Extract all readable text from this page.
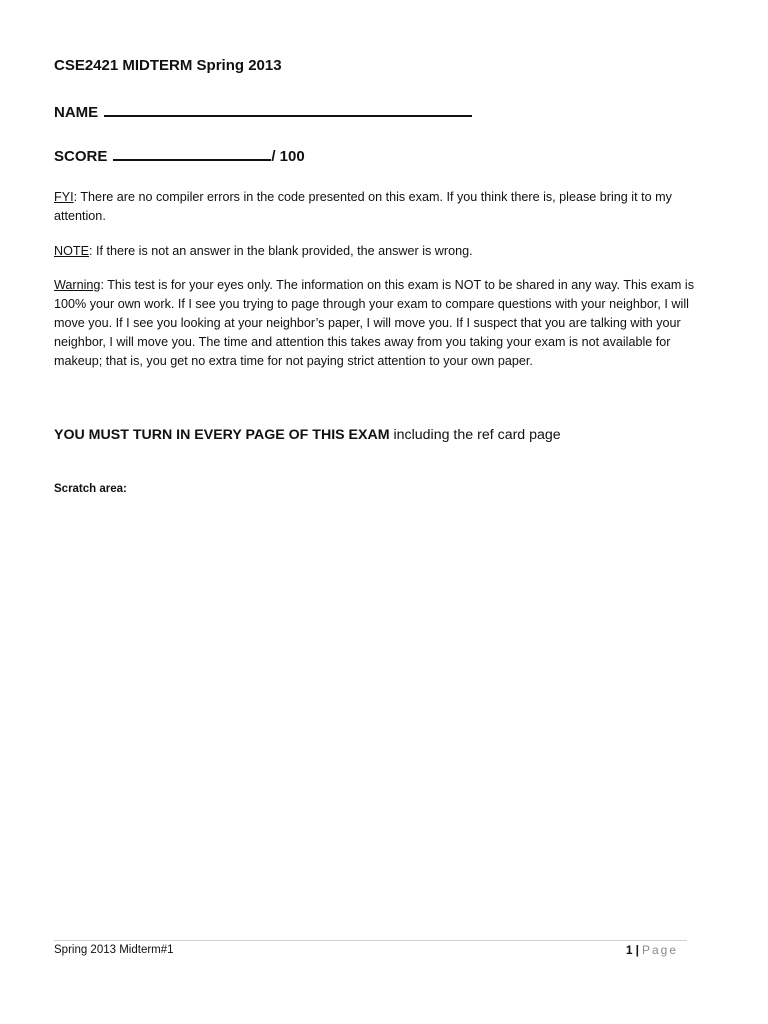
CSE2421 MIDTERM Spring 2013
NAME
SCORE	/ 100
FYI: There are no compiler errors in the code presented on this exam. If you think there is, please bring it to my attention.
NOTE: If there is not an answer in the blank provided, the answer is wrong.
Warning: This test is for your eyes only. The information on this exam is NOT to be shared in any way. This exam is 100% your own work. If I see you trying to page through your exam to compare questions with your neighbor, I will move you. If I see you looking at your neighbor’s paper, I will move you. If I suspect that you are talking with your neighbor, I will move you. The time and attention this takes away from you taking your exam is not available for makeup; that is, you get no extra time for not paying strict attention to your own paper.
YOU MUST TURN IN EVERY PAGE OF THIS EXAM including the ref card page
Scratch area:
Spring 2013 Midterm#1	1 | Page
